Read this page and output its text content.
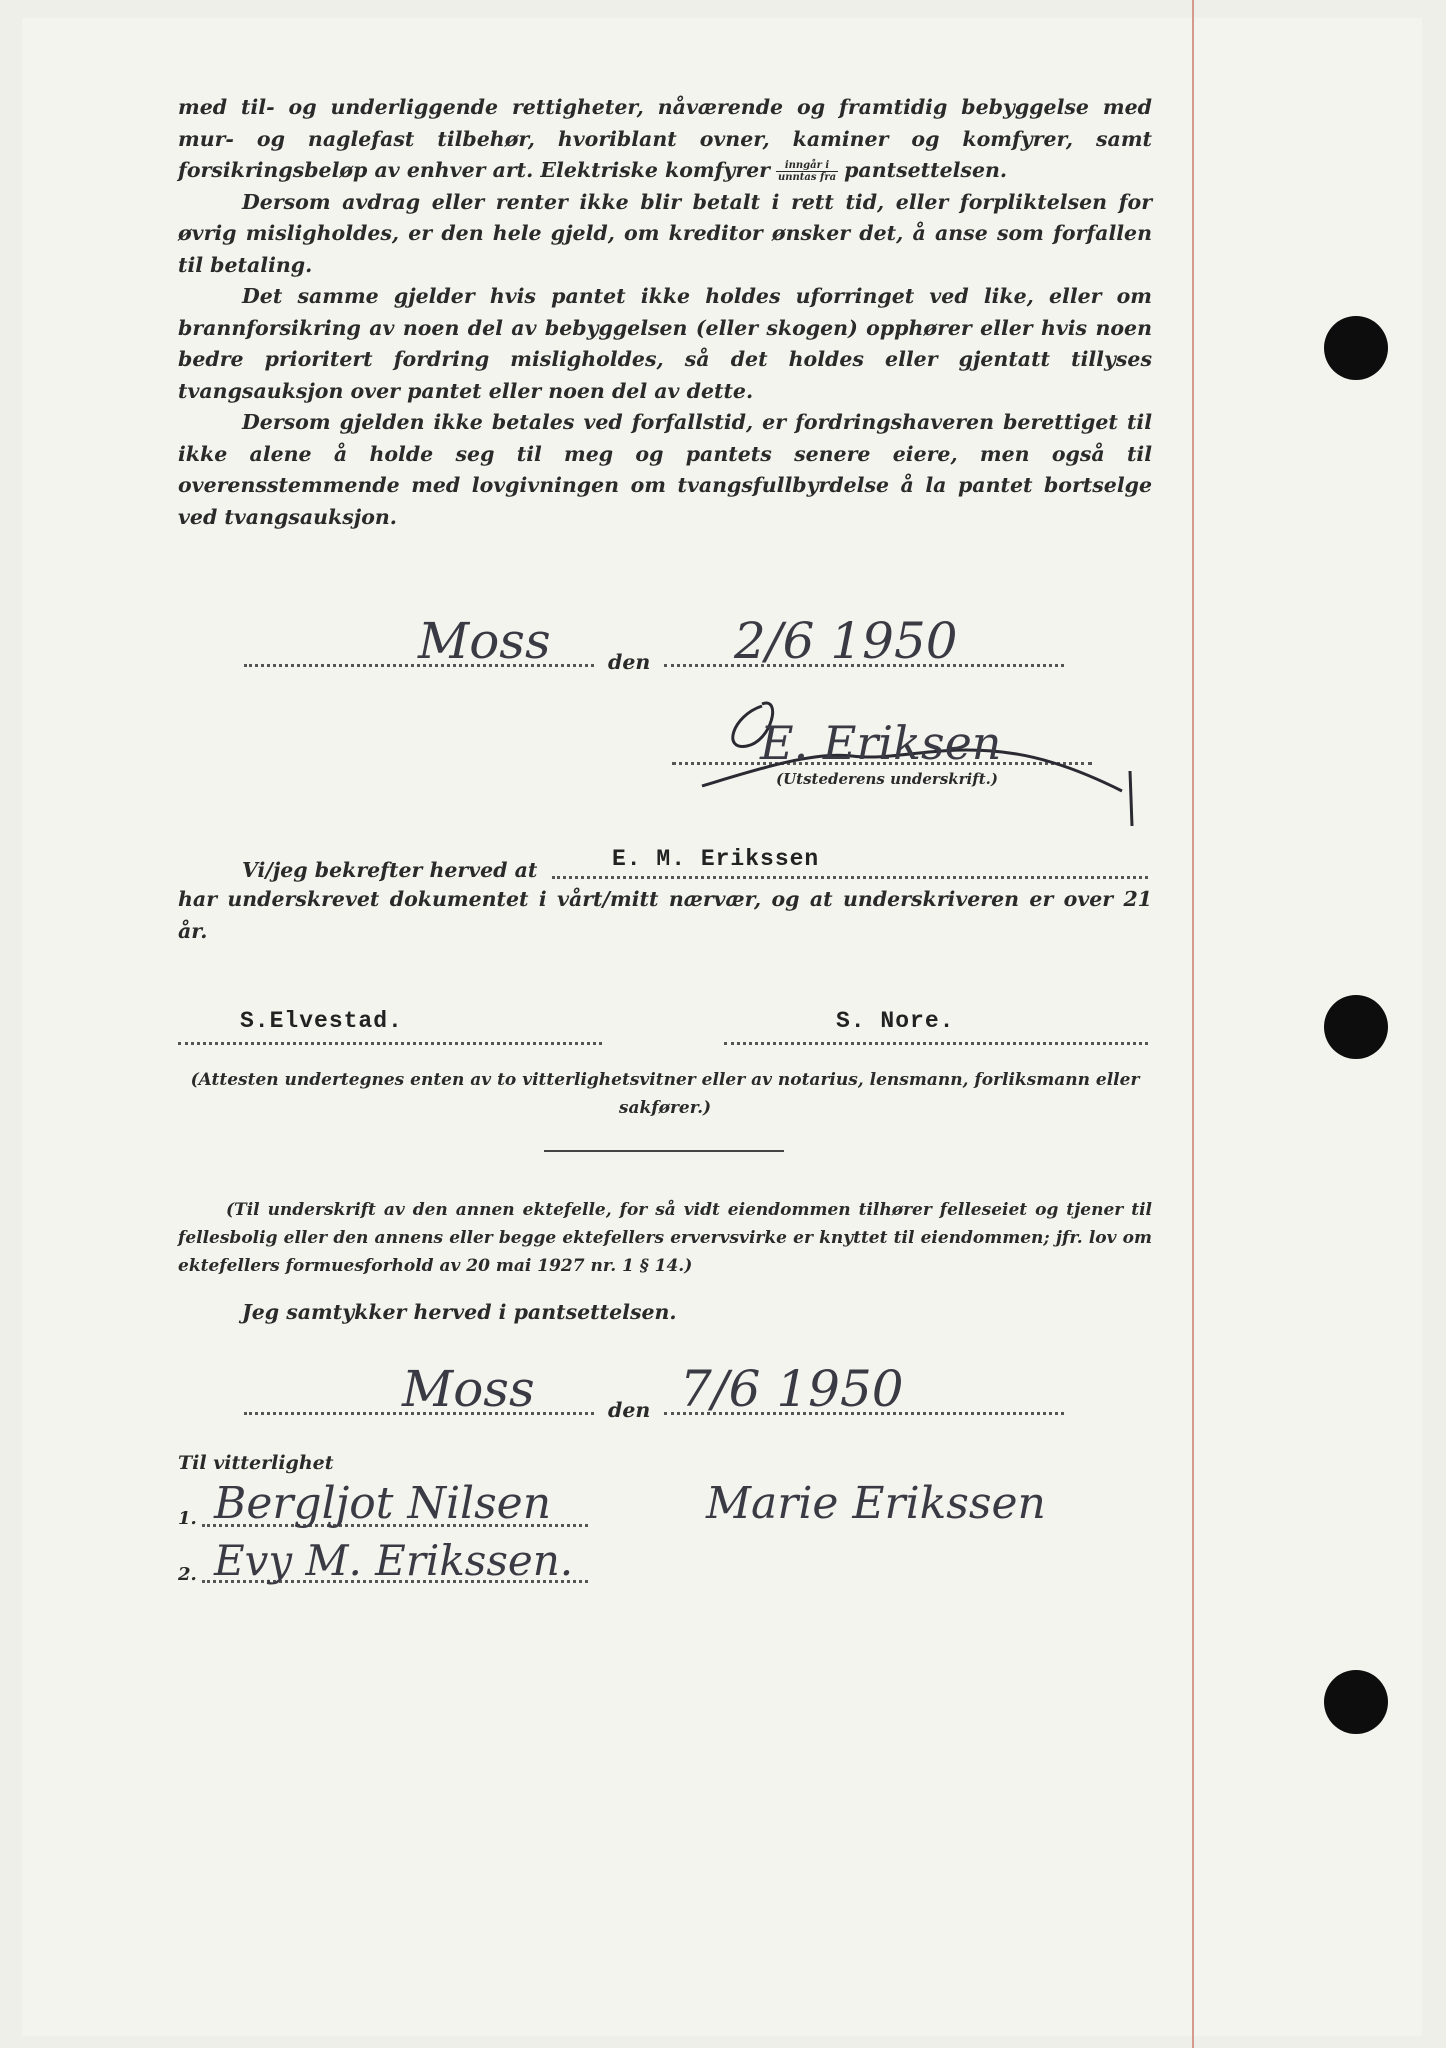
med til- og underliggende rettigheter, nåværende og framtidig bebyggelse med mur- og naglefast tilbehør, hvoriblant ovner, kaminer og komfyrer, samt forsikringsbeløp av enhver art. Elektriske komfyrer $\frac{\text{inngår i}}{\text{unntas fra}}$ pantsettelsen.

Dersom avdrag eller renter ikke blir betalt i rett tid, eller forpliktelsen for øvrig misligholdes, er den hele gjeld, om kreditor ønsker det, å anse som forfallen til betaling.

Det samme gjelder hvis pantet ikke holdes uforringet ved like, eller om brannforsikring av noen del av bebyggelsen (eller skogen) opphører eller hvis noen bedre prioritert fordring misligholdes, så det holdes eller gjentatt tillyses tvangsauksjon over pantet eller noen del av dette.

Dersom gjelden ikke betales ved forfallstid, er fordringshaveren berettiget til ikke alene å holde seg til meg og pantets senere eiere, men også til overensstemmende med lovgivningen om tvangsfullbyrdelse å la pantet bortselge ved tvangsauksjon.

Moss	den 2/6 1950
E. Eriksen
(Utstederens underskrift.)
Vi/jeg bekrefter herved at	E. M. Erikssen
har underskrevet dokumentet i vårt/mitt nærvær, og at underskriveren er over 21 år.
S.Elvestad.	S. Nore.
(Attesten undertegnes enten av to vitterlighetsvitner eller av notarius, lensmann, forliksmann eller sakfører.)
(Til underskrift av den annen ektefelle, for så vidt eiendommen tilhører felleseiet og tjener til fellesbolig eller den annens eller begge ektefellers ervervsvirke er knyttet til eiendommen; jfr. lov om ektefellers formuesforhold av 20 mai 1927 nr. 1 § 14.)
Jeg samtykker herved i pantsettelsen.
Moss	den 7/6 1950
Til vitterlighet
1. Bergljot Nilsen	Marie Erikssen
2. Evy M. Erikssen.
